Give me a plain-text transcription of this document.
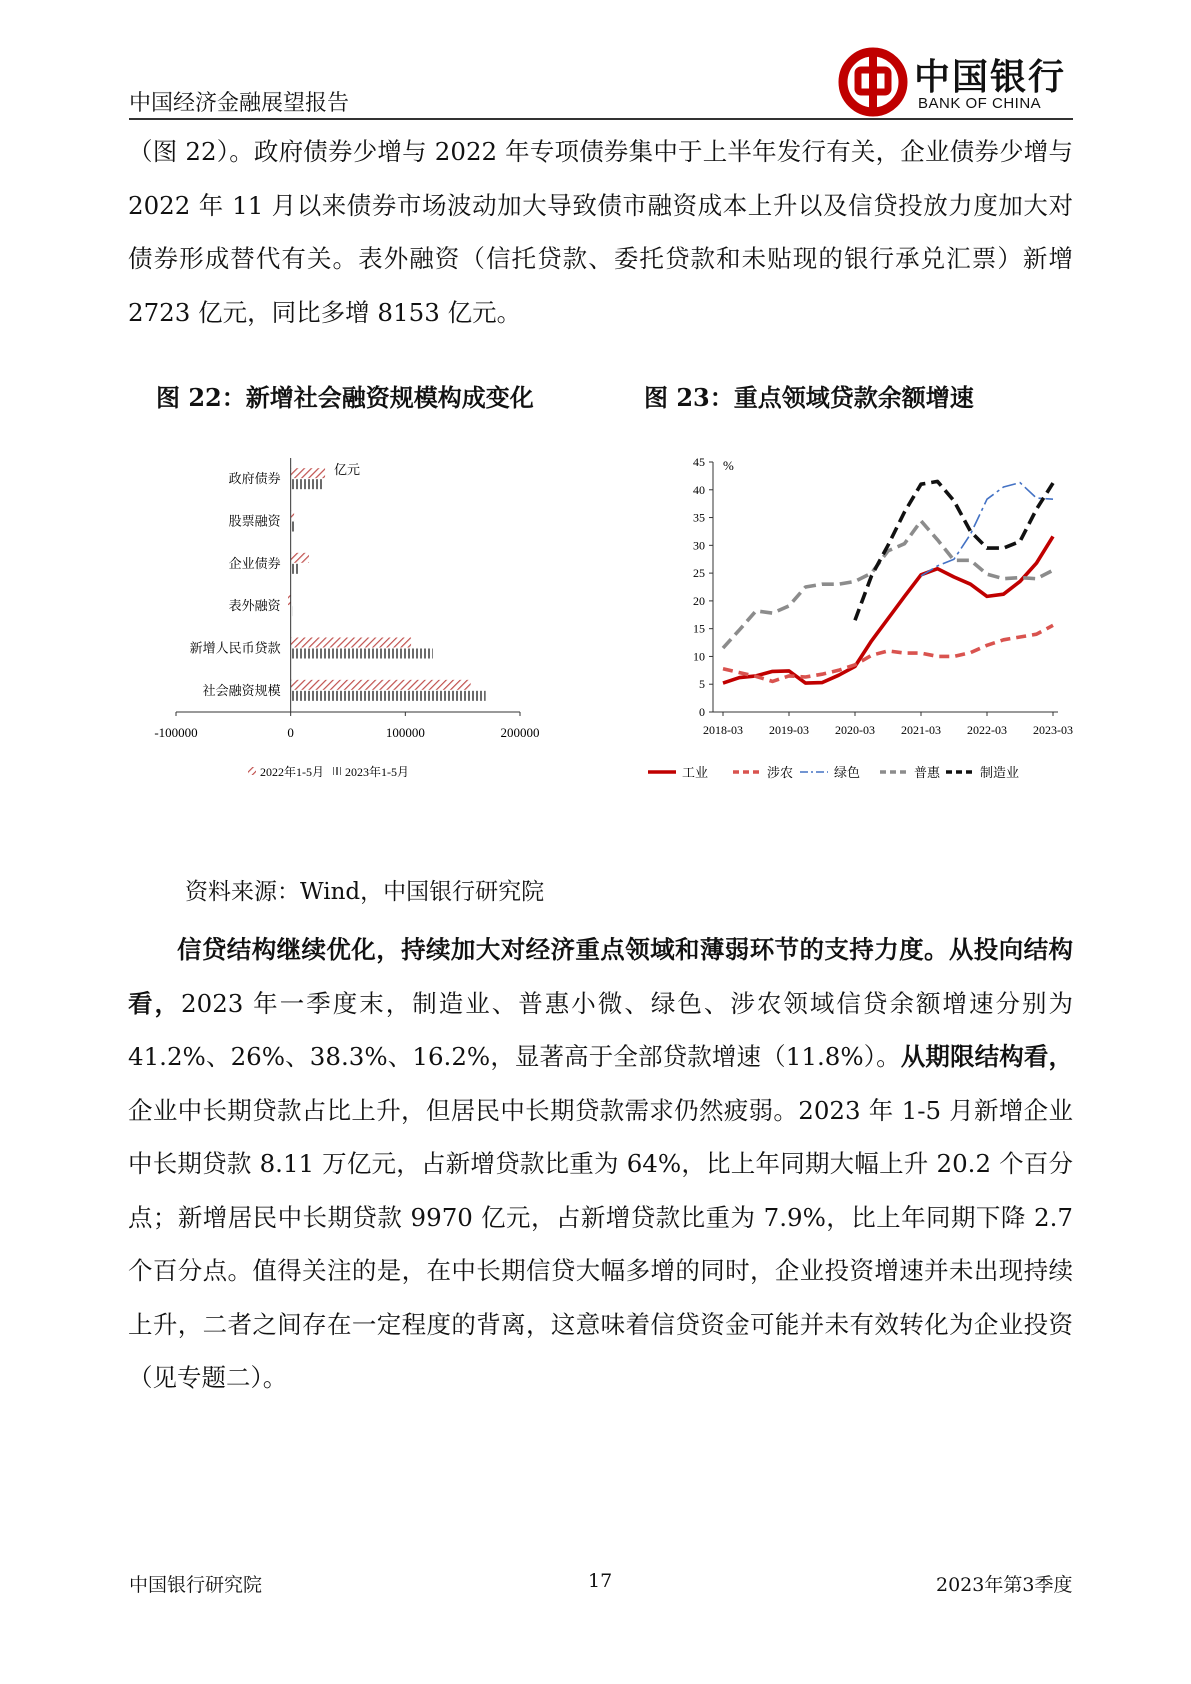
中国经济金融展望报告
中国银行
BANK OF CHINA
（图 22）。政府债券少增与 2022 年专项债券集中于上半年发行有关，企业债券少增与 2022 年 11 月以来债券市场波动加大导致债市融资成本上升以及信贷投放力度加大对债券形成替代有关。表外融资（信托贷款、委托贷款和未贴现的银行承兑汇票）新增 2723 亿元，同比多增 8153 亿元。
图 22：新增社会融资规模构成变化	图 23：重点领域贷款余额增速
亿元
政府债券
股票融资
企业债券
表外融资
新增人民币贷款
社会融资规模
-100000	0	100000	200000
2022年1-5月 2023年1-5月
%
0
5
10
15
20
25
30
35
40
45
2018-03 2019-03 2020-03 2021-03 2022-03 2023-03
工业	涉农	绿色	普惠	制造业
资料来源：Wind，中国银行研究院
信贷结构继续优化，持续加大对经济重点领域和薄弱环节的支持力度。从投向结构看，2023 年一季度末，制造业、普惠小微、绿色、涉农领域信贷余额增速分别为 41.2%、26%、38.3%、16.2%，显著高于全部贷款增速（11.8%）。从期限结构看，企业中长期贷款占比上升，但居民中长期贷款需求仍然疲弱。2023 年 1-5 月新增企业中长期贷款 8.11 万亿元，占新增贷款比重为 64%，比上年同期大幅上升 20.2 个百分点；新增居民中长期贷款 9970 亿元，占新增贷款比重为 7.9%，比上年同期下降 2.7 个百分点。值得关注的是，在中长期信贷大幅多增的同时，企业投资增速并未出现持续上升，二者之间存在一定程度的背离，这意味着信贷资金可能并未有效转化为企业投资（见专题二）。
中国银行研究院	17	2023年第3季度
